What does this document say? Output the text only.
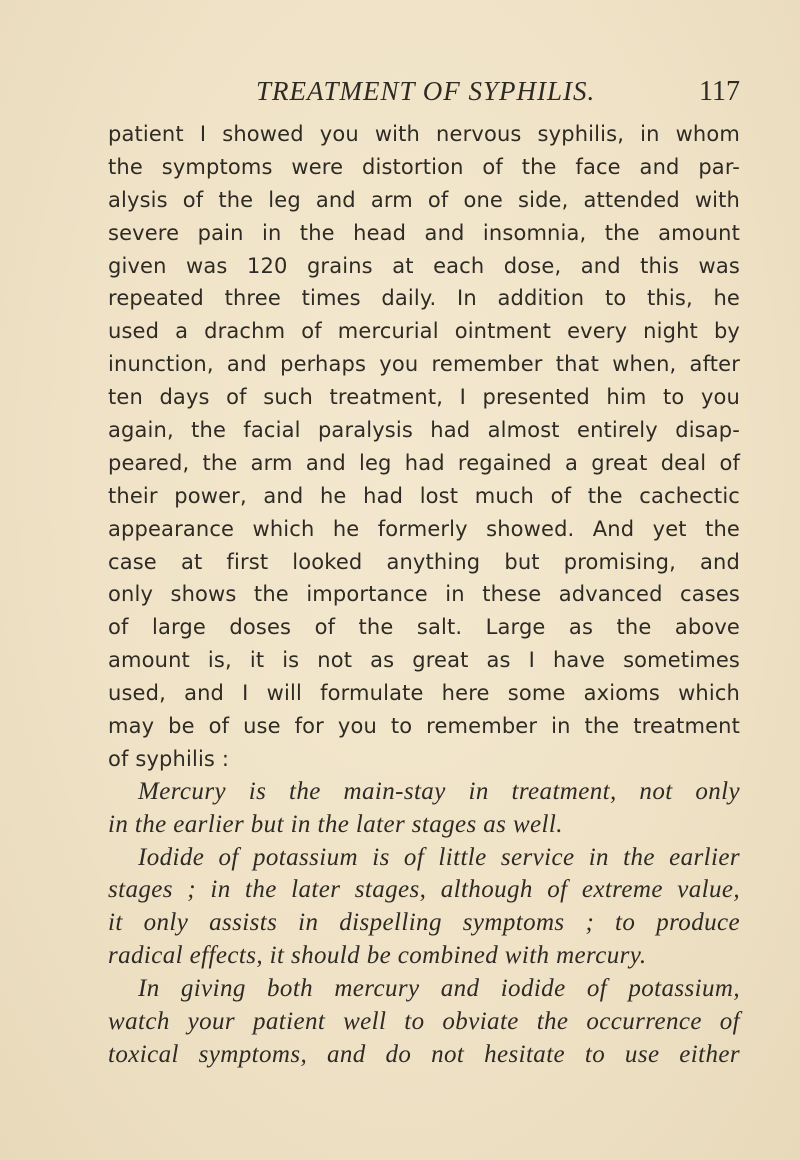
TREATMENT OF SYPHILIS.	117
patient I showed you with nervous syphilis, in whom
the symptoms were distortion of the face and par-
alysis of the leg and arm of one side, attended with
severe pain in the head and insomnia, the amount
given was 120 grains at each dose, and this was
repeated three times daily. In addition to this, he
used a drachm of mercurial ointment every night by
inunction, and perhaps you remember that when, after
ten days of such treatment, I presented him to you
again, the facial paralysis had almost entirely disap-
peared, the arm and leg had regained a great deal of
their power, and he had lost much of the cachectic
appearance which he formerly showed. And yet the
case at first looked anything but promising, and
only shows the importance in these advanced cases
of large doses of the salt. Large as the above
amount is, it is not as great as I have sometimes
used, and I will formulate here some axioms which
may be of use for you to remember in the treatment
of syphilis :
Mercury is the main-stay in treatment, not only
in the earlier but in the later stages as well.
Iodide of potassium is of little service in the earlier
stages ; in the later stages, although of extreme value,
it only assists in dispelling symptoms ; to produce
radical effects, it should be combined with mercury.
In giving both mercury and iodide of potassium,
watch your patient well to obviate the occurrence of
toxical symptoms, and do not hesitate to use either
